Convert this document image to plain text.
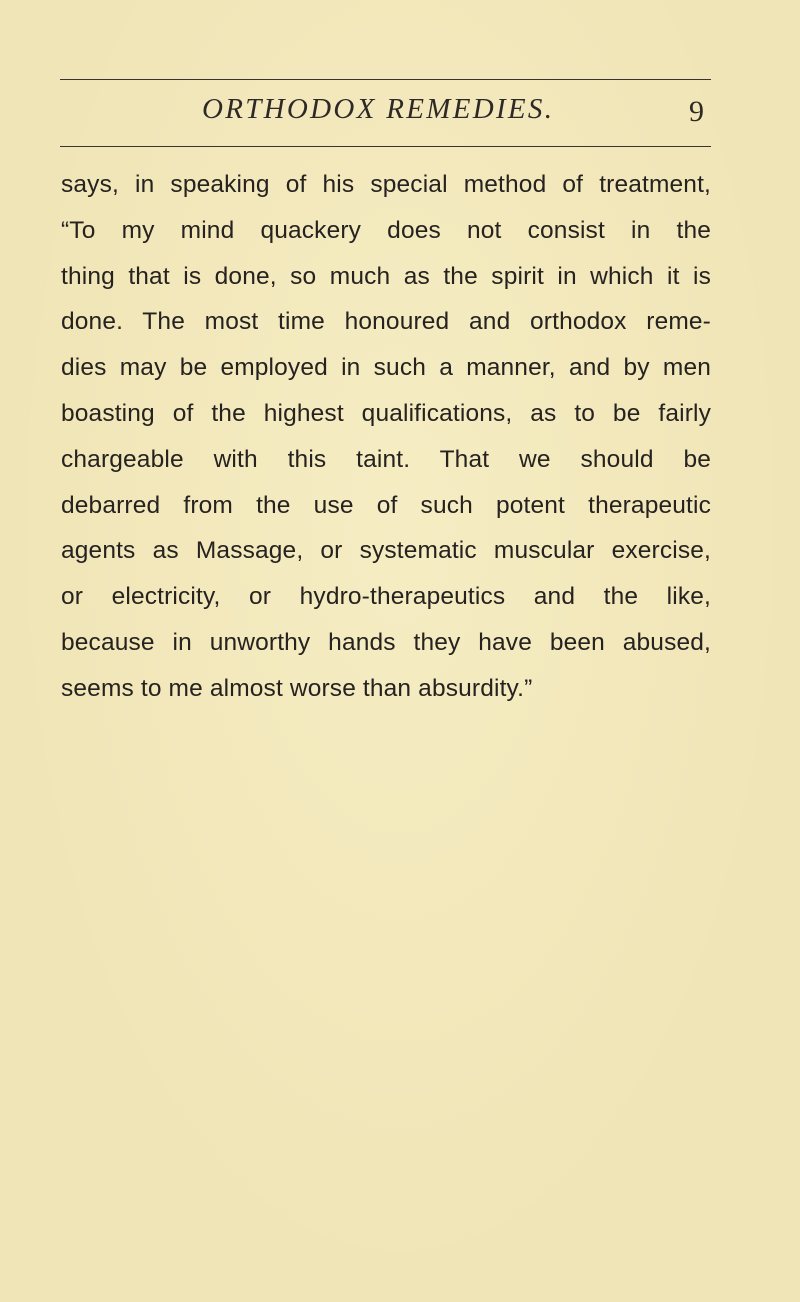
ORTHODOX REMEDIES.	9
says, in speaking of his special method of treatment,
“To my mind quackery does not consist in the
thing that is done, so much as the spirit in which it is
done. The most time honoured and orthodox reme-
dies may be employed in such a manner, and by men
boasting of the highest qualifications, as to be fairly
chargeable with this taint. That we should be
debarred from the use of such potent therapeutic
agents as Massage, or systematic muscular exercise,
or electricity, or hydro-therapeutics and the like,
because in unworthy hands they have been abused,
seems to me almost worse than absurdity.”
